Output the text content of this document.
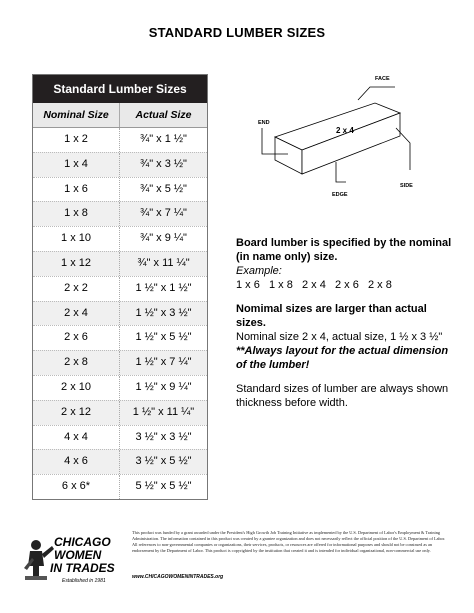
STANDARD LUMBER SIZES
Standard Lumber Sizes
Nominal Size	Actual Size
1 x 2	¾" x 1 ½"
1 x 4	¾" x 3 ½"
1 x 6	¾" x 5 ½"
1 x 8	¾" x 7 ¼"
1 x 10	¾" x 9 ¼"
1 x 12	¾" x 11 ¼"
2 x 2	1 ½" x 1 ½"
2 x 4	1 ½" x 3 ½"
2 x 6	1 ½" x 5 ½"
2 x 8	1 ½" x 7 ¼"
2 x 10	1 ½" x 9 ¼"
2 x 12	1 ½" x 11 ¼"
4 x 4	3 ½" x 3 ½"
4 x 6	3 ½" x 5 ½"
6 x 6*	5 ½" x 5 ½"
FACE
END
EDGE
SIDE
2 x 4
Board lumber is specified by the nominal (in name only) size.
Example:
1 x 6 1 x 8 2 x 4 2 x 6 2 x 8
Nomimal sizes are larger than actual sizes.
Nominal size 2 x 4, actual size, 1 ½ x 3 ½"
**Always layout for the actual dimension of the lumber!
Standard sizes of lumber are always shown thickness before width.
CHICAGO
WOMEN
IN TRADES
Established in 1981
This product was funded by a grant awarded under the President's High Growth Job Training Initiative as implemented by the U.S. Department of Labor's Employment & Training Administration. The information contained in this product was created by a grantee organization and does not necessarily reflect the official position of the U.S. Department of Labor. All references to non-governmental companies or organizations, their services, products, or resources are offered for informational purposes and should not be construed as an endorsement by the Department of Labor. This product is copyrighted by the institution that created it and is intended for individual organizational, non-commercial use only.
www.CHICAGOWOMENINTRADES.org
